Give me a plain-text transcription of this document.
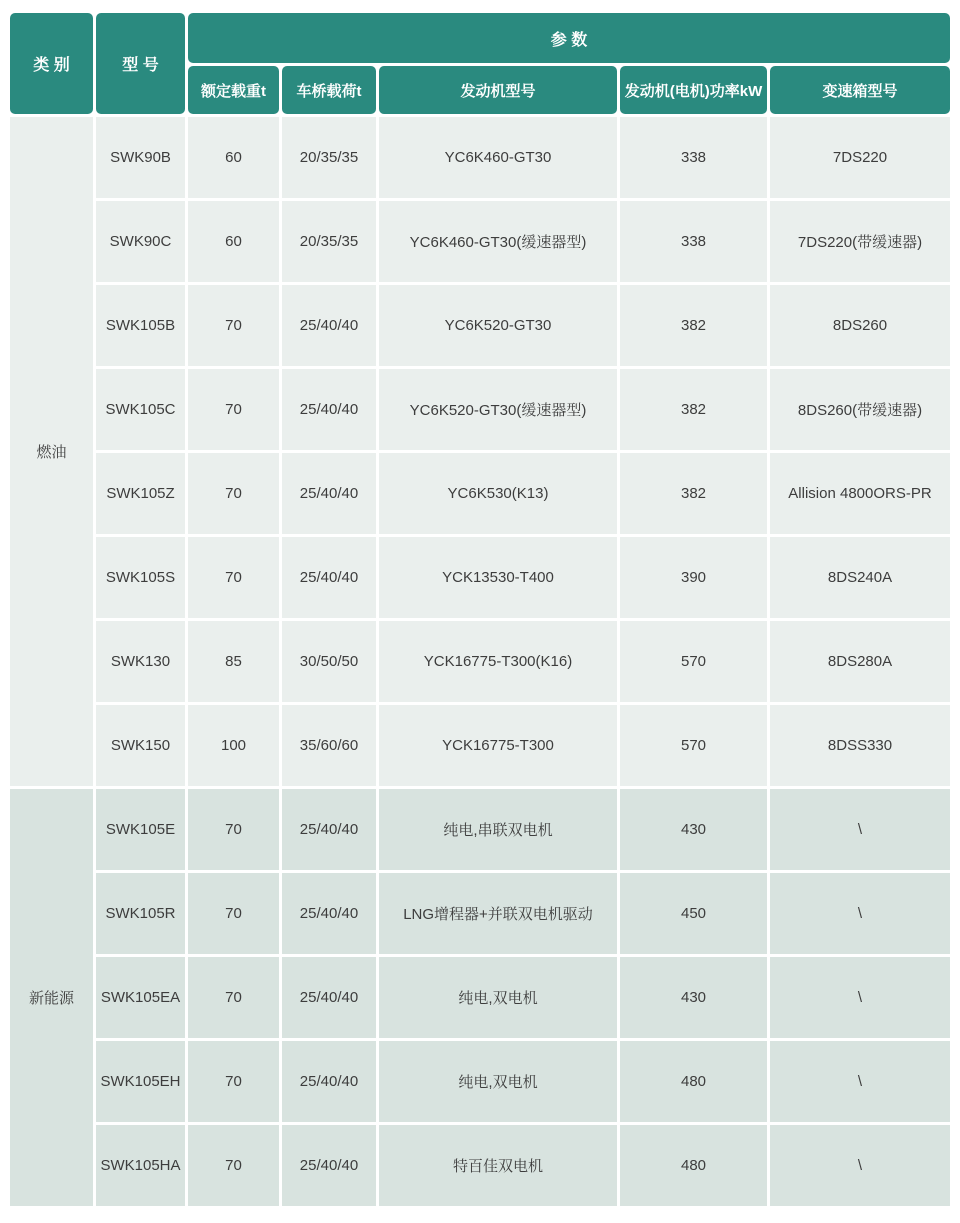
类 别	型 号	参 数				
		额定载重t	车桥载荷t	发动机型号	发动机(电机)功率kW	变速箱型号
燃油	SWK90B	60	20/35/35	YC6K460-GT30	338	7DS220
	SWK90C	60	20/35/35	YC6K460-GT30(缓速器型)	338	7DS220(带缓速器)
	SWK105B	70	25/40/40	YC6K520-GT30	382	8DS260
	SWK105C	70	25/40/40	YC6K520-GT30(缓速器型)	382	8DS260(带缓速器)
	SWK105Z	70	25/40/40	YC6K530(K13)	382	Allision 4800ORS-PR
	SWK105S	70	25/40/40	YCK13530-T400	390	8DS240A
	SWK130	85	30/50/50	YCK16775-T300(K16)	570	8DS280A
	SWK150	100	35/60/60	YCK16775-T300	570	8DSS330
新能源	SWK105E	70	25/40/40	纯电,串联双电机	430	\
	SWK105R	70	25/40/40	LNG增程器+并联双电机驱动	450	\
	SWK105EA	70	25/40/40	纯电,双电机	430	\
	SWK105EH	70	25/40/40	纯电,双电机	480	\
	SWK105HA	70	25/40/40	特百佳双电机	480	\
